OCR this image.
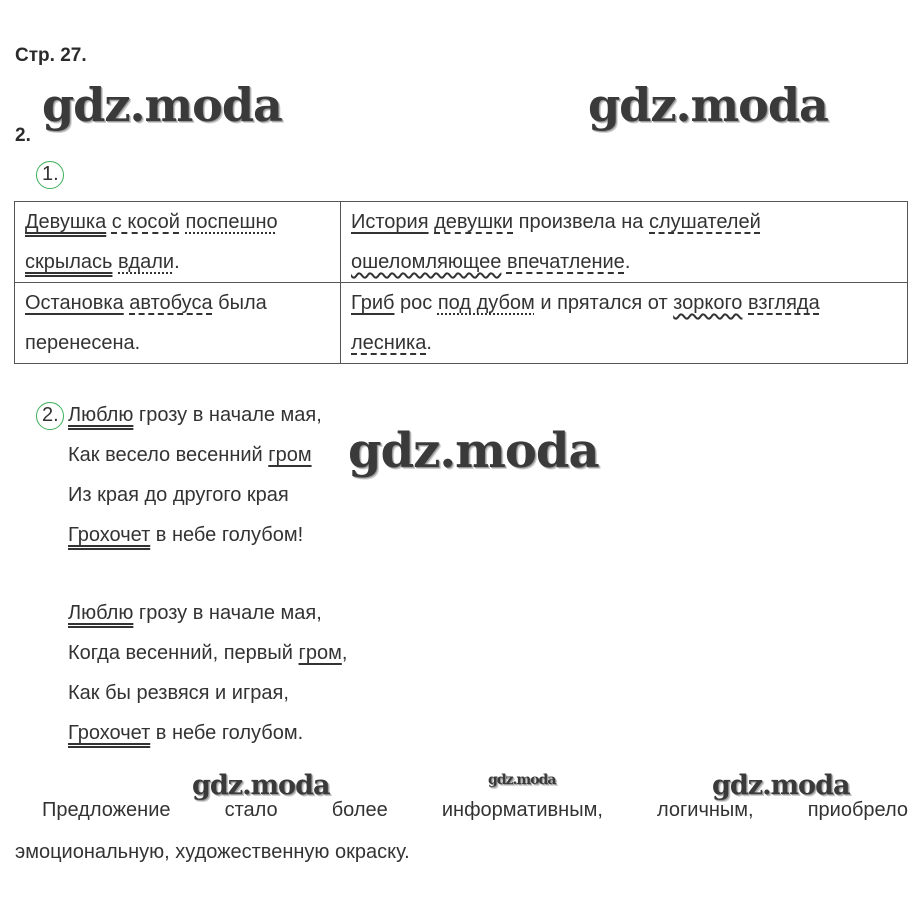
Стр. 27.
2.
gdz.moda	gdz.moda
1.
Девушка с косой поспешно скрылась вдали.	История девушки произвела на слушателей ошеломляющее впечатление.
Остановка автобуса была перенесена.	Гриб рос под дубом и прятался от зоркого взгляда лесника.
2. Люблю грозу в начале мая,
Как весело весенний гром
Из края до другого края
Грохочет в небе голубом!
gdz.moda
Люблю грозу в начале мая,
Когда весенний, первый гром,
Как бы резвяся и играя,
Грохочет в небе голубом.
gdz.moda	gdz.moda	gdz.moda
Предложение стало более информативным, логичным, приобрело
эмоциональную, художественную окраску.
